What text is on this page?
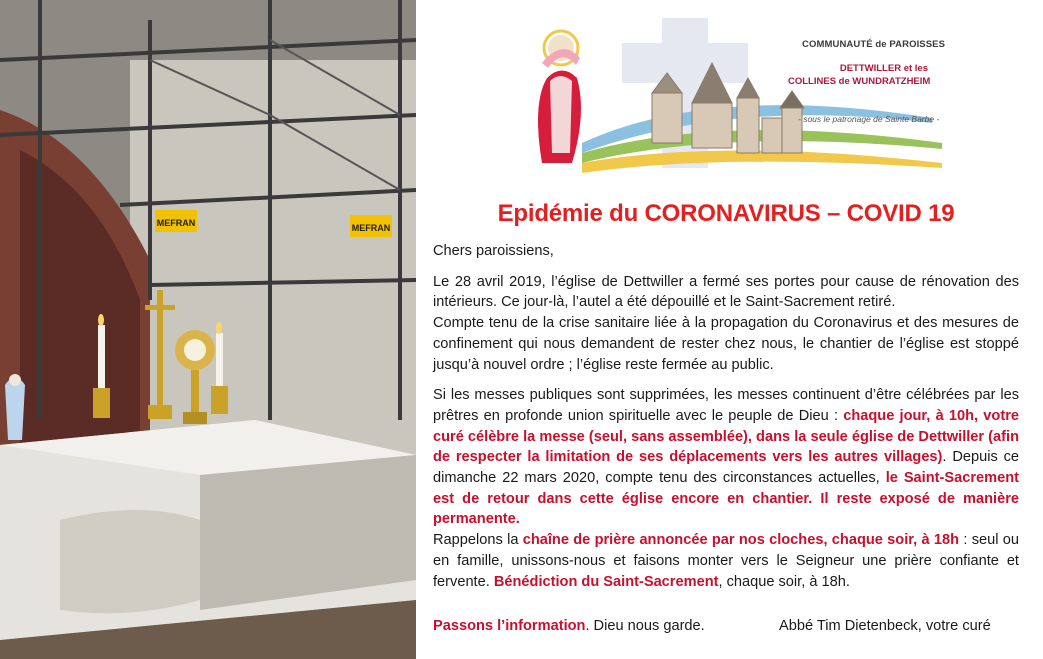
MEFRAN	MEFRAN
COMMUNAUTÉ de PAROISSES
DETTWILLER et les
COLLINES de WUNDRATZHEIM
- sous le patronage de Sainte Barbe -
Epidémie du CORONAVIRUS – COVID 19

Chers paroissiens,

Le 28 avril 2019, l’église de Dettwiller a fermé ses portes pour cause de rénovation des intérieurs. Ce jour-là, l’autel a été dépouillé et le Saint-Sacrement retiré.

Compte tenu de la crise sanitaire liée à la propagation du Coronavirus et des mesures de confinement qui nous demandent de rester chez nous, le chantier de l’église est stoppé jusqu’à nouvel ordre ; l’église reste fermée au public.

Si les messes publiques sont supprimées, les messes continuent d’être célébrées par les prêtres en profonde union spirituelle avec le peuple de Dieu : chaque jour, à 10h, votre curé célèbre la messe (seul, sans assemblée), dans la seule église de Dettwiller (afin de respecter la limitation de ses déplacements vers les autres villages). Depuis ce dimanche 22 mars 2020, compte tenu des circonstances actuelles, le Saint-Sacrement est de retour dans cette église encore en chantier. Il reste exposé de manière permanente.

Rappelons la chaîne de prière annoncée par nos cloches, chaque soir, à 18h : seul ou en famille, unissons-nous et faisons monter vers le Seigneur une prière confiante et fervente. Bénédiction du Saint-Sacrement, chaque soir, à 18h.

Passons l’information. Dieu nous garde.	Abbé Tim Dietenbeck, votre curé
